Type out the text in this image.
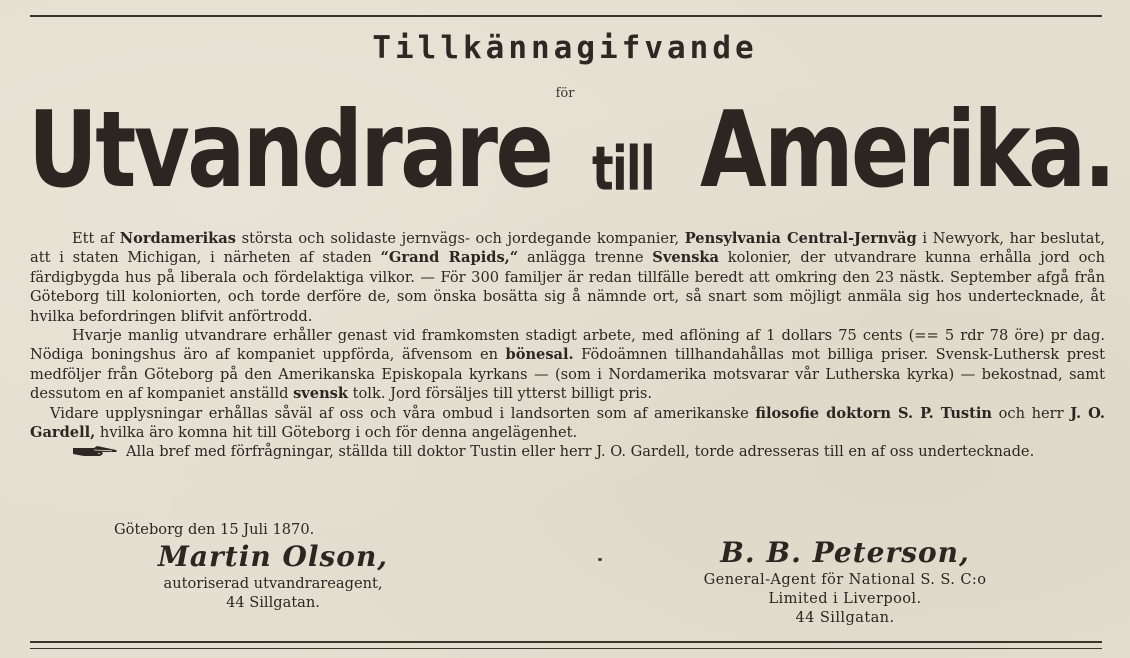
Tillkännagifvande
för
Utvandrare till Amerika.

Ett af Nordamerikas största och solidaste jernvägs- och jordegande kompanier, Pensylvania Central-Jernväg i Newyork, har beslutat, att i staten Michigan, i närheten af staden “Grand Rapids,“ anlägga trenne Svenska kolonier, der utvandrare kunna erhålla jord och färdigbygda hus på liberala och fördelaktiga vilkor. — För 300 familjer är redan tillfälle beredt att omkring den 23 nästk. September afgå från Göteborg till koloniorten, och torde derföre de, som önska bosätta sig å nämnde ort, så snart som möjligt anmäla sig hos undertecknade, åt hvilka befordringen blifvit anförtrodd.

Hvarje manlig utvandrare erhåller genast vid framkomsten stadigt arbete, med aflöning af 1 dollars 75 cents (== 5 rdr 78 öre) pr dag. Nödiga boningshus äro af kompaniet uppförda, äfvensom en bönesal. Födoämnen tillhandahållas mot billiga priser. Svensk-Luthersk prest medföljer från Göteborg på den Amerikanska Episkopala kyrkans — (som i Nordamerika motsvarar vår Lutherska kyrka) — bekostnad, samt dessutom en af kompaniet anställd svensk tolk. Jord försäljes till ytterst billigt pris.

Vidare upplysningar erhållas såväl af oss och våra ombud i landsorten som af amerikanske filosofie doktorn S. P. Tustin och herr J. O. Gardell, hvilka äro komna hit till Göteborg i och för denna angelägenhet.

Alla bref med förfrågningar, ställda till doktor Tustin eller herr J. O. Gardell, torde adresseras till en af oss undertecknade.

Göteborg den 15 Juli 1870.
Martin Olson,
autoriserad utvandrareagent,
44 Sillgatan.
B. B. Peterson,
General-Agent för National S. S. C:o
Limited i Liverpool.
44 Sillgatan.
